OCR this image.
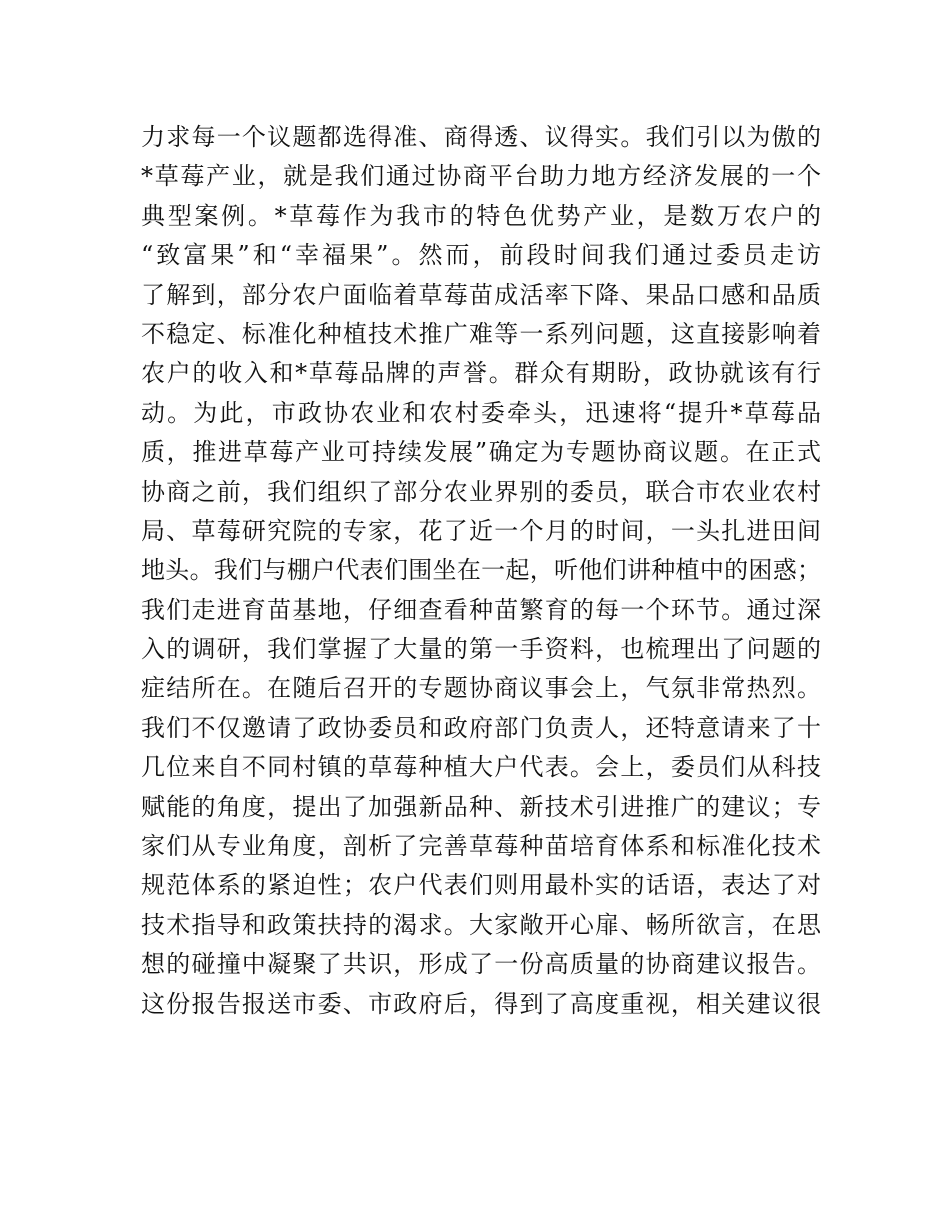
力求每一个议题都选得准、商得透、议得实。我们引以为傲的
*草莓产业，就是我们通过协商平台助力地方经济发展的一个
典型案例。*草莓作为我市的特色优势产业，是数万农户的
“致富果”和“幸福果”。然而，前段时间我们通过委员走访
了解到，部分农户面临着草莓苗成活率下降、果品口感和品质
不稳定、标准化种植技术推广难等一系列问题，这直接影响着
农户的收入和*草莓品牌的声誉。群众有期盼，政协就该有行
动。为此，市政协农业和农村委牵头，迅速将“提升*草莓品
质，推进草莓产业可持续发展”确定为专题协商议题。在正式
协商之前，我们组织了部分农业界别的委员，联合市农业农村
局、草莓研究院的专家，花了近一个月的时间，一头扎进田间
地头。我们与棚户代表们围坐在一起，听他们讲种植中的困惑；
我们走进育苗基地，仔细查看种苗繁育的每一个环节。通过深
入的调研，我们掌握了大量的第一手资料，也梳理出了问题的
症结所在。在随后召开的专题协商议事会上，气氛非常热烈。
我们不仅邀请了政协委员和政府部门负责人，还特意请来了十
几位来自不同村镇的草莓种植大户代表。会上，委员们从科技
赋能的角度，提出了加强新品种、新技术引进推广的建议；专
家们从专业角度，剖析了完善草莓种苗培育体系和标准化技术
规范体系的紧迫性；农户代表们则用最朴实的话语，表达了对
技术指导和政策扶持的渴求。大家敞开心扉、畅所欲言，在思
想的碰撞中凝聚了共识，形成了一份高质量的协商建议报告。
这份报告报送市委、市政府后，得到了高度重视，相关建议很
